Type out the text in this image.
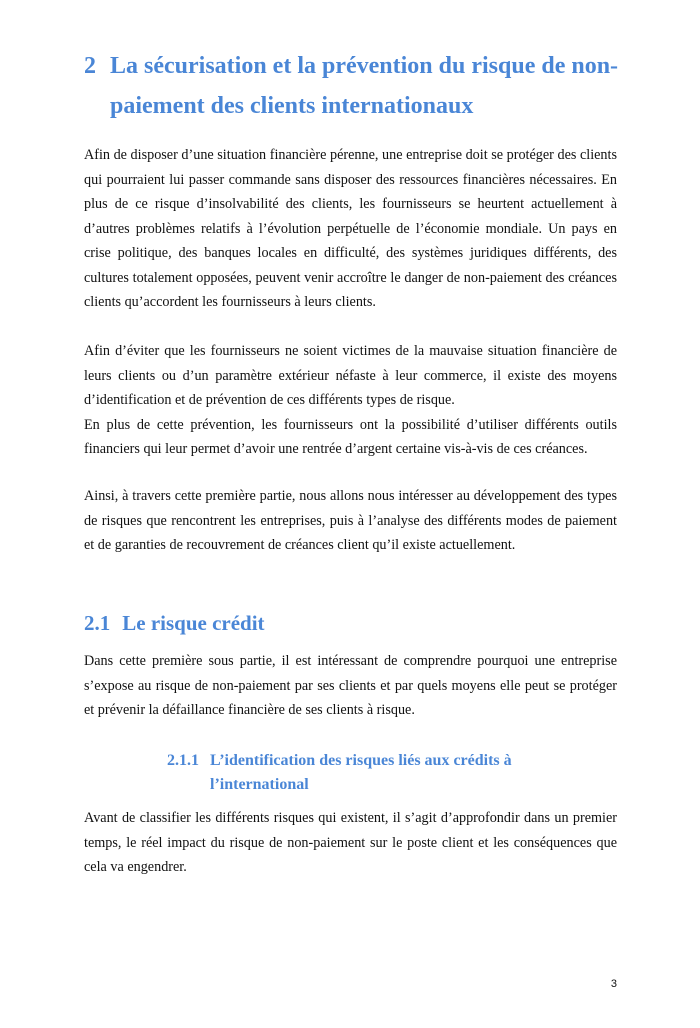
2 La sécurisation et la prévention du risque de non-paiement des clients internationaux

Afin de disposer d’une situation financière pérenne, une entreprise doit se protéger des clients qui pourraient lui passer commande sans disposer des ressources financières nécessaires. En plus de ce risque d’insolvabilité des clients, les fournisseurs se heurtent actuellement à d’autres problèmes relatifs à l’évolution perpétuelle de l’économie mondiale. Un pays en crise politique, des banques locales en difficulté, des systèmes juridiques différents, des cultures totalement opposées, peuvent venir accroître le danger de non-paiement des créances clients qu’accordent les fournisseurs à leurs clients.

Afin d’éviter que les fournisseurs ne soient victimes de la mauvaise situation financière de leurs clients ou d’un paramètre extérieur néfaste à leur commerce, il existe des moyens d’identification et de prévention de ces différents types de risque.
En plus de cette prévention, les fournisseurs ont la possibilité d’utiliser différents outils financiers qui leur permet d’avoir une rentrée d’argent certaine vis-à-vis de ces créances.

Ainsi, à travers cette première partie, nous allons nous intéresser au développement des types de risques que rencontrent les entreprises, puis à l’analyse des différents modes de paiement et de garanties de recouvrement de créances client qu’il existe actuellement.

2.1 Le risque crédit

Dans cette première sous partie, il est intéressant de comprendre pourquoi une entreprise s’expose au risque de non-paiement par ses clients et par quels moyens elle peut se protéger et prévenir la défaillance financière de ses clients à risque.

2.1.1 L’identification des risques liés aux crédits à l’international

Avant de classifier les différents risques qui existent, il s’agit d’approfondir dans un premier temps, le réel impact du risque de non-paiement sur le poste client et les conséquences que cela va engendrer.

3
